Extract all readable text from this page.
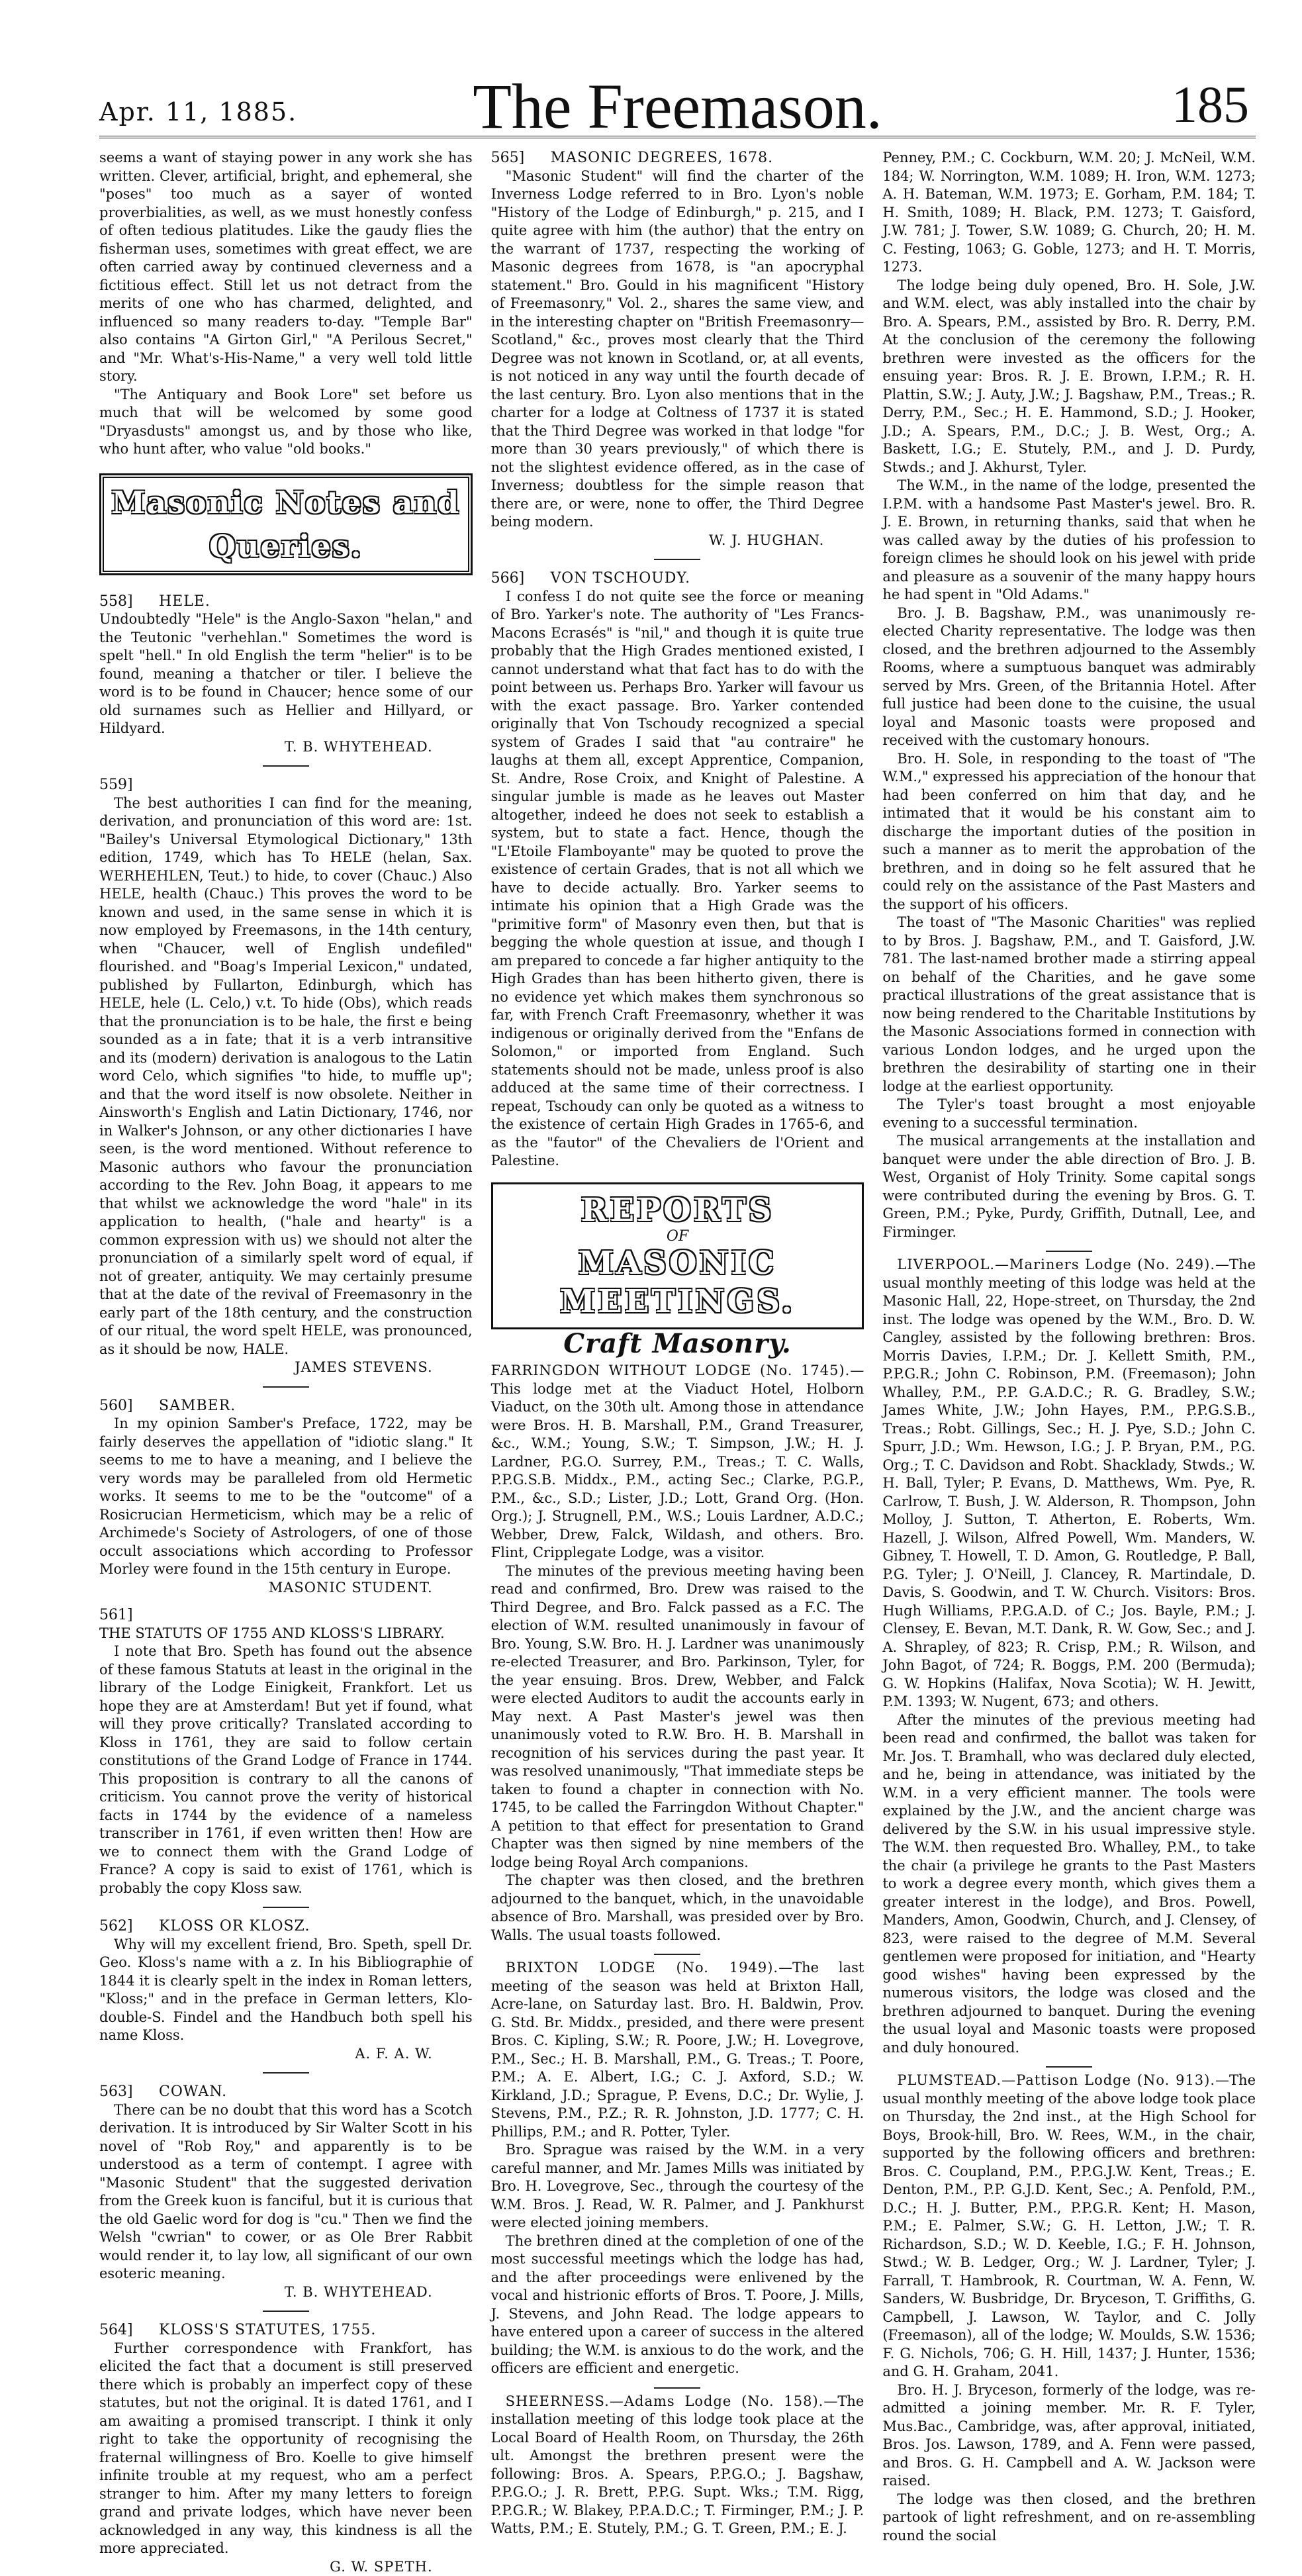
Apr. 11, 1885.	The Freemason.	185

seems a want of staying power in any work she has written. Clever, artificial, bright, and ephemeral, she "poses" too much as a sayer of wonted proverbialities, as well, as we must honestly confess of often tedious platitudes. Like the gaudy flies the fisherman uses, sometimes with great effect, we are often carried away by continued cleverness and a fictitious effect. Still let us not detract from the merits of one who has charmed, delighted, and influenced so many readers to-day. "Temple Bar" also contains "A Girton Girl," "A Perilous Secret," and "Mr. What's-His-Name," a very well told little story.

"The Antiquary and Book Lore" set before us much that will be welcomed by some good "Dryasdusts" amongst us, and by those who like, who hunt after, who value "old books."

Masonic Notes and Queries.
558] HELE.

Undoubtedly "Hele" is the Anglo-Saxon "helan," and the Teutonic "verhehlan." Sometimes the word is spelt "hell." In old English the term "helier" is to be found, meaning a thatcher or tiler. I believe the word is to be found in Chaucer; hence some of our old surnames such as Hellier and Hillyard, or Hildyard.

T. B. WHYTEHEAD.
559]

The best authorities I can find for the meaning, derivation, and pronunciation of this word are: 1st. "Bailey's Universal Etymological Dictionary," 13th edition, 1749, which has To HELE (helan, Sax. WERHEHLEN, Teut.) to hide, to cover (Chauc.) Also HELE, health (Chauc.) This proves the word to be known and used, in the same sense in which it is now employed by Freemasons, in the 14th century, when "Chaucer, well of English undefiled" flourished. and "Boag's Imperial Lexicon," undated, published by Fullarton, Edinburgh, which has HELE, hele (L. Celo,) v.t. To hide (Obs), which reads that the pronunciation is to be hale, the first e being sounded as a in fate; that it is a verb intransitive and its (modern) derivation is analogous to the Latin word Celo, which signifies "to hide, to muffle up"; and that the word itself is now obsolete. Neither in Ainsworth's English and Latin Dictionary, 1746, nor in Walker's Johnson, or any other dictionaries I have seen, is the word mentioned. Without reference to Masonic authors who favour the pronunciation according to the Rev. John Boag, it appears to me that whilst we acknowledge the word "hale" in its application to health, ("hale and hearty" is a common expression with us) we should not alter the pronunciation of a similarly spelt word of equal, if not of greater, antiquity. We may certainly presume that at the date of the revival of Freemasonry in the early part of the 18th century, and the construction of our ritual, the word spelt HELE, was pronounced, as it should be now, HALE.

JAMES STEVENS.
560] SAMBER.

In my opinion Samber's Preface, 1722, may be fairly deserves the appellation of "idiotic slang." It seems to me to have a meaning, and I believe the very words may be paralleled from old Hermetic works. It seems to me to be the "outcome" of a Rosicrucian Hermeticism, which may be a relic of Archimede's Society of Astrologers, of one of those occult associations which according to Professor Morley were found in the 15th century in Europe.

MASONIC STUDENT.
561]
THE STATUTS OF 1755 AND KLOSS'S LIBRARY.

I note that Bro. Speth has found out the absence of these famous Statuts at least in the original in the library of the Lodge Einigkeit, Frankfort. Let us hope they are at Amsterdam! But yet if found, what will they prove critically? Translated according to Kloss in 1761, they are said to follow certain constitutions of the Grand Lodge of France in 1744. This proposition is contrary to all the canons of criticism. You cannot prove the verity of historical facts in 1744 by the evidence of a nameless transcriber in 1761, if even written then! How are we to connect them with the Grand Lodge of France? A copy is said to exist of 1761, which is probably the copy Kloss saw.

562] KLOSS OR KLOSZ.

Why will my excellent friend, Bro. Speth, spell Dr. Geo. Kloss's name with a z. In his Bibliographie of 1844 it is clearly spelt in the index in Roman letters, "Kloss;" and in the preface in German letters, Klo-double-S. Findel and the Handbuch both spell his name Kloss.

A. F. A. W.
563] COWAN.

There can be no doubt that this word has a Scotch derivation. It is introduced by Sir Walter Scott in his novel of "Rob Roy," and apparently is to be understood as a term of contempt. I agree with "Masonic Student" that the suggested derivation from the Greek kuon is fanciful, but it is curious that the old Gaelic word for dog is "cu." Then we find the Welsh "cwrian" to cower, or as Ole Brer Rabbit would render it, to lay low, all significant of our own esoteric meaning.

T. B. WHYTEHEAD.
564] KLOSS'S STATUTES, 1755.

Further correspondence with Frankfort, has elicited the fact that a document is still preserved there which is probably an imperfect copy of these statutes, but not the original. It is dated 1761, and I am awaiting a promised transcript. I think it only right to take the opportunity of recognising the fraternal willingness of Bro. Koelle to give himself infinite trouble at my request, who am a perfect stranger to him. After my many letters to foreign grand and private lodges, which have never been acknowledged in any way, this kindness is all the more appreciated.

G. W. SPETH.
565] MASONIC DEGREES, 1678.

"Masonic Student" will find the charter of the Inverness Lodge referred to in Bro. Lyon's noble "History of the Lodge of Edinburgh," p. 215, and I quite agree with him (the author) that the entry on the warrant of 1737, respecting the working of Masonic degrees from 1678, is "an apocryphal statement." Bro. Gould in his magnificent "History of Freemasonry," Vol. 2., shares the same view, and in the interesting chapter on "British Freemasonry—Scotland," &c., proves most clearly that the Third Degree was not known in Scotland, or, at all events, is not noticed in any way until the fourth decade of the last century. Bro. Lyon also mentions that in the charter for a lodge at Coltness of 1737 it is stated that the Third Degree was worked in that lodge "for more than 30 years previously," of which there is not the slightest evidence offered, as in the case of Inverness; doubtless for the simple reason that there are, or were, none to offer, the Third Degree being modern.

W. J. HUGHAN.
566] VON TSCHOUDY.

I confess I do not quite see the force or meaning of Bro. Yarker's note. The authority of "Les Francs-Macons Ecrasés" is "nil," and though it is quite true probably that the High Grades mentioned existed, I cannot understand what that fact has to do with the point between us. Perhaps Bro. Yarker will favour us with the exact passage. Bro. Yarker contended originally that Von Tschoudy recognized a special system of Grades I said that "au contraire" he laughs at them all, except Apprentice, Companion, St. Andre, Rose Croix, and Knight of Palestine. A singular jumble is made as he leaves out Master altogether, indeed he does not seek to establish a system, but to state a fact. Hence, though the "L'Etoile Flamboyante" may be quoted to prove the existence of certain Grades, that is not all which we have to decide actually. Bro. Yarker seems to intimate his opinion that a High Grade was the "primitive form" of Masonry even then, but that is begging the whole question at issue, and though I am prepared to concede a far higher antiquity to the High Grades than has been hitherto given, there is no evidence yet which makes them synchronous so far, with French Craft Freemasonry, whether it was indigenous or originally derived from the "Enfans de Solomon," or imported from England. Such statements should not be made, unless proof is also adduced at the same time of their correctness. I repeat, Tschoudy can only be quoted as a witness to the existence of certain High Grades in 1765-6, and as the "fautor" of the Chevaliers de l'Orient and Palestine.

REPORTS
OF
MASONIC MEETINGS.
Craft Masonry.

FARRINGDON WITHOUT LODGE (No. 1745).—This lodge met at the Viaduct Hotel, Holborn Viaduct, on the 30th ult. Among those in attendance were Bros. H. B. Marshall, P.M., Grand Treasurer, &c., W.M.; Young, S.W.; T. Simpson, J.W.; H. J. Lardner, P.G.O. Surrey, P.M., Treas.; T. C. Walls, P.P.G.S.B. Middx., P.M., acting Sec.; Clarke, P.G.P., P.M., &c., S.D.; Lister, J.D.; Lott, Grand Org. (Hon. Org.); J. Strugnell, P.M., W.S.; Louis Lardner, A.D.C.; Webber, Drew, Falck, Wildash, and others. Bro. Flint, Cripplegate Lodge, was a visitor.

The minutes of the previous meeting having been read and confirmed, Bro. Drew was raised to the Third Degree, and Bro. Falck passed as a F.C. The election of W.M. resulted unanimously in favour of Bro. Young, S.W. Bro. H. J. Lardner was unanimously re-elected Treasurer, and Bro. Parkinson, Tyler, for the year ensuing. Bros. Drew, Webber, and Falck were elected Auditors to audit the accounts early in May next. A Past Master's jewel was then unanimously voted to R.W. Bro. H. B. Marshall in recognition of his services during the past year. It was resolved unanimously, "That immediate steps be taken to found a chapter in connection with No. 1745, to be called the Farringdon Without Chapter." A petition to that effect for presentation to Grand Chapter was then signed by nine members of the lodge being Royal Arch companions.

The chapter was then closed, and the brethren adjourned to the banquet, which, in the unavoidable absence of Bro. Marshall, was presided over by Bro. Walls. The usual toasts followed.

BRIXTON LODGE (No. 1949).—The last meeting of the season was held at Brixton Hall, Acre-lane, on Saturday last. Bro. H. Baldwin, Prov. G. Std. Br. Middx., presided, and there were present Bros. C. Kipling, S.W.; R. Poore, J.W.; H. Lovegrove, P.M., Sec.; H. B. Marshall, P.M., G. Treas.; T. Poore, P.M.; A. E. Albert, I.G.; C. J. Axford, S.D.; W. Kirkland, J.D.; Sprague, P. Evens, D.C.; Dr. Wylie, J. Stevens, P.M., P.Z.; R. R. Johnston, J.D. 1777; C. H. Phillips, P.M.; and R. Potter, Tyler.

Bro. Sprague was raised by the W.M. in a very careful manner, and Mr. James Mills was initiated by Bro. H. Lovegrove, Sec., through the courtesy of the W.M. Bros. J. Read, W. R. Palmer, and J. Pankhurst were elected joining members.

The brethren dined at the completion of one of the most successful meetings which the lodge has had, and the after proceedings were enlivened by the vocal and histrionic efforts of Bros. T. Poore, J. Mills, J. Stevens, and John Read. The lodge appears to have entered upon a career of success in the altered building; the W.M. is anxious to do the work, and the officers are efficient and energetic.

SHEERNESS.—Adams Lodge (No. 158).—The installation meeting of this lodge took place at the Local Board of Health Room, on Thursday, the 26th ult. Amongst the brethren present were the following: Bros. A. Spears, P.P.G.O.; J. Bagshaw, P.P.G.O.; J. R. Brett, P.P.G. Supt. Wks.; T.M. Rigg, P.P.G.R.; W. Blakey, P.P.A.D.C.; T. Firminger, P.M.; J. P. Watts, P.M.; E. Stutely, P.M.; G. T. Green, P.M.; E. J.

Penney, P.M.; C. Cockburn, W.M. 20; J. McNeil, W.M. 184; W. Norrington, W.M. 1089; H. Iron, W.M. 1273; A. H. Bateman, W.M. 1973; E. Gorham, P.M. 184; T. H. Smith, 1089; H. Black, P.M. 1273; T. Gaisford, J.W. 781; J. Tower, S.W. 1089; G. Church, 20; H. M. C. Festing, 1063; G. Goble, 1273; and H. T. Morris, 1273.

The lodge being duly opened, Bro. H. Sole, J.W. and W.M. elect, was ably installed into the chair by Bro. A. Spears, P.M., assisted by Bro. R. Derry, P.M. At the conclusion of the ceremony the following brethren were invested as the officers for the ensuing year: Bros. R. J. E. Brown, I.P.M.; R. H. Plattin, S.W.; J. Auty, J.W.; J. Bagshaw, P.M., Treas.; R. Derry, P.M., Sec.; H. E. Hammond, S.D.; J. Hooker, J.D.; A. Spears, P.M., D.C.; J. B. West, Org.; A. Baskett, I.G.; E. Stutely, P.M., and J. D. Purdy, Stwds.; and J. Akhurst, Tyler.

The W.M., in the name of the lodge, presented the I.P.M. with a handsome Past Master's jewel. Bro. R. J. E. Brown, in returning thanks, said that when he was called away by the duties of his profession to foreign climes he should look on his jewel with pride and pleasure as a souvenir of the many happy hours he had spent in "Old Adams."

Bro. J. B. Bagshaw, P.M., was unanimously re-elected Charity representative. The lodge was then closed, and the brethren adjourned to the Assembly Rooms, where a sumptuous banquet was admirably served by Mrs. Green, of the Britannia Hotel. After full justice had been done to the cuisine, the usual loyal and Masonic toasts were proposed and received with the customary honours.

Bro. H. Sole, in responding to the toast of "The W.M.," expressed his appreciation of the honour that had been conferred on him that day, and he intimated that it would be his constant aim to discharge the important duties of the position in such a manner as to merit the approbation of the brethren, and in doing so he felt assured that he could rely on the assistance of the Past Masters and the support of his officers.

The toast of "The Masonic Charities" was replied to by Bros. J. Bagshaw, P.M., and T. Gaisford, J.W. 781. The last-named brother made a stirring appeal on behalf of the Charities, and he gave some practical illustrations of the great assistance that is now being rendered to the Charitable Institutions by the Masonic Associations formed in connection with various London lodges, and he urged upon the brethren the desirability of starting one in their lodge at the earliest opportunity.

The Tyler's toast brought a most enjoyable evening to a successful termination.

The musical arrangements at the installation and banquet were under the able direction of Bro. J. B. West, Organist of Holy Trinity. Some capital songs were contributed during the evening by Bros. G. T. Green, P.M.; Pyke, Purdy, Griffith, Dutnall, Lee, and Firminger.

LIVERPOOL.—Mariners Lodge (No. 249).—The usual monthly meeting of this lodge was held at the Masonic Hall, 22, Hope-street, on Thursday, the 2nd inst. The lodge was opened by the W.M., Bro. D. W. Cangley, assisted by the following brethren: Bros. Morris Davies, I.P.M.; Dr. J. Kellett Smith, P.M., P.P.G.R.; John C. Robinson, P.M. (Freemason); John Whalley, P.M., P.P. G.A.D.C.; R. G. Bradley, S.W.; James White, J.W.; John Hayes, P.M., P.P.G.S.B., Treas.; Robt. Gillings, Sec.; H. J. Pye, S.D.; John C. Spurr, J.D.; Wm. Hewson, I.G.; J. P. Bryan, P.M., P.G. Org.; T. C. Davidson and Robt. Shacklady, Stwds.; W. H. Ball, Tyler; P. Evans, D. Matthews, Wm. Pye, R. Carlrow, T. Bush, J. W. Alderson, R. Thompson, John Molloy, J. Sutton, T. Atherton, E. Roberts, Wm. Hazell, J. Wilson, Alfred Powell, Wm. Manders, W. Gibney, T. Howell, T. D. Amon, G. Routledge, P. Ball, P.G. Tyler; J. O'Neill, J. Clancey, R. Martindale, D. Davis, S. Goodwin, and T. W. Church. Visitors: Bros. Hugh Williams, P.P.G.A.D. of C.; Jos. Bayle, P.M.; J. Clensey, E. Bevan, M.T. Dank, R. W. Gow, Sec.; and J. A. Shrapley, of 823; R. Crisp, P.M.; R. Wilson, and John Bagot, of 724; R. Boggs, P.M. 200 (Bermuda); G. W. Hopkins (Halifax, Nova Scotia); W. H. Jewitt, P.M. 1393; W. Nugent, 673; and others.

After the minutes of the previous meeting had been read and confirmed, the ballot was taken for Mr. Jos. T. Bramhall, who was declared duly elected, and he, being in attendance, was initiated by the W.M. in a very efficient manner. The tools were explained by the J.W., and the ancient charge was delivered by the S.W. in his usual impressive style. The W.M. then requested Bro. Whalley, P.M., to take the chair (a privilege he grants to the Past Masters to work a degree every month, which gives them a greater interest in the lodge), and Bros. Powell, Manders, Amon, Goodwin, Church, and J. Clensey, of 823, were raised to the degree of M.M. Several gentlemen were proposed for initiation, and "Hearty good wishes" having been expressed by the numerous visitors, the lodge was closed and the brethren adjourned to banquet. During the evening the usual loyal and Masonic toasts were proposed and duly honoured.

PLUMSTEAD.—Pattison Lodge (No. 913).—The usual monthly meeting of the above lodge took place on Thursday, the 2nd inst., at the High School for Boys, Brook-hill, Bro. W. Rees, W.M., in the chair, supported by the following officers and brethren: Bros. C. Coupland, P.M., P.P.G.J.W. Kent, Treas.; E. Denton, P.M., P.P. G.J.D. Kent, Sec.; A. Penfold, P.M., D.C.; H. J. Butter, P.M., P.P.G.R. Kent; H. Mason, P.M.; E. Palmer, S.W.; G. H. Letton, J.W.; T. R. Richardson, S.D.; W. D. Keeble, I.G.; F. H. Johnson, Stwd.; W. B. Ledger, Org.; W. J. Lardner, Tyler; J. Farrall, T. Hambrook, R. Courtman, W. A. Fenn, W. Sanders, W. Busbridge, Dr. Bryceson, T. Griffiths, G. Campbell, J. Lawson, W. Taylor, and C. Jolly (Freemason), all of the lodge; W. Moulds, S.W. 1536; F. G. Nichols, 706; G. H. Hill, 1437; J. Hunter, 1536; and G. H. Graham, 2041.

Bro. H. J. Bryceson, formerly of the lodge, was re-admitted a joining member. Mr. R. F. Tyler, Mus.Bac., Cambridge, was, after approval, initiated, Bros. Jos. Lawson, 1789, and A. Fenn were passed, and Bros. G. H. Campbell and A. W. Jackson were raised.

The lodge was then closed, and the brethren partook of light refreshment, and on re-assembling round the social
